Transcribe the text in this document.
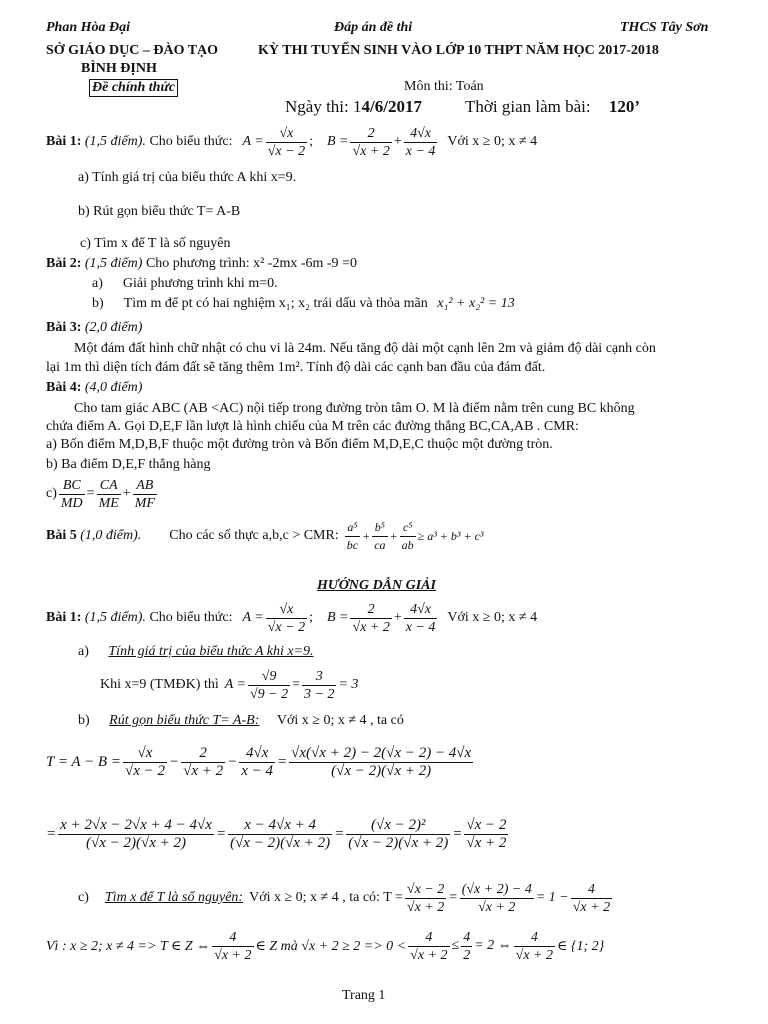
Phan Hòa Đại	Đáp án đề thi	THCS Tây Sơn
SỞ GIÁO DỤC – ĐÀO TẠO	KỲ THI TUYỂN SINH VÀO LỚP 10 THPT NĂM HỌC 2017-2018
BÌNH ĐỊNH
Đề chính thức	Môn thi: Toán
Ngày thi: 14/6/2017	Thời gian làm bài: 120’
Bài 1:
(1,5 điểm).
Cho biểu thức: $A = \frac{√x}{√x - 2}$ ; $B = \frac{2}{√x + 2} + \frac{4√x}{x - 4}$ Với x ≥ 0; x ≠ 4
a) Tính giá trị của biểu thức A khi x=9.
b) Rút gọn biểu thức T= A-B
c) Tìm x để T là số nguyên
Bài 2: (1,5 điểm) Cho phương trình: x² -2mx -6m -9 =0
a) Giải phương trình khi m=0.
b) Tìm m để pt có hai nghiệm x₁; x₂ trái dấu và thỏa mãn x₁² + x₂² = 13
Bài 3: (2,0 điểm)
Một đám đất hình chữ nhật có chu vi là 24m. Nếu tăng độ dài một cạnh lên 2m và giảm độ dài cạnh còn
lại 1m thì diện tích đám đất sẽ tăng thêm 1m². Tính độ dài các cạnh ban đầu của đám đất.
Bài 4: (4,0 điểm)
Cho tam giác ABC (AB <AC) nội tiếp trong đường tròn tâm O. M là điểm nằm trên cung BC không
chứa điểm A. Gọi D,E,F lần lượt là hình chiếu của M trên các đường thẳng BC,CA,AB . CMR:
a) Bốn điểm M,D,B,F thuộc một đường tròn và Bốn điểm M,D,E,C thuộc một đường tròn.
b) Ba điểm D,E,F thẳng hàng
$c) \frac{BC}{MD} = \frac{CA}{ME} + \frac{AB}{MF}$
Bài 5
(1,0 điểm). Cho các số thực a,b,c > CMR: $\frac{\text{a⁵}}{bc} + \frac{\text{b⁵}}{ca} + \frac{\text{c⁵}}{ab} \ge a^3 + b^3 + c^3$
HƯỚNG DẪN GIẢI
Bài 1:
(1,5 điểm).
Cho biểu thức: $A = \frac{√x}{√x - 2}$ ; $B = \frac{2}{√x + 2} + \frac{4√x}{x - 4}$ Với x ≥ 0; x ≠ 4
a) Tính giá trị của biểu thức A khi x=9.
Khi x=9 (TMĐK) thì $A = \frac{√9}{√9 - 2} = \frac{3}{3 - 2} = 3$
b) Rút gọn biểu thức T= A-B: Với x ≥ 0; x ≠ 4 , ta có
$T = A - B = \frac{√x}{√x - 2} - \frac{2}{√x + 2} - \frac{4√x}{x - 4} = \frac{√x(√x + 2) - 2(√x - 2) - 4√x}{(√x - 2)(√x + 2)}$
= $\frac{x + 2√x - 2√x + 4 - 4√x}{(√x - 2)(√x + 2)} = \frac{x - 4√x + 4}{(√x - 2)(√x + 2)} = \frac{\text{(√x − 2)²}}{(√x - 2)(√x + 2)} = \frac{√x - 2}{√x + 2}$
c) Tìm x để T là số nguyên: Với x ≥ 0; x ≠ 4 , ta có: $T = \frac{√x - 2}{√x + 2} = \frac{(√x + 2) - 4}{√x + 2} = 1 - \frac{4}{√x + 2}$
Vì : x ≥ 2; x ≠ 4 => T ∈ Z ⇔ $\frac{4}{√x + 2}$ ∈ Z mà $√x + 2 \ge 2 => 0 < \frac{4}{√x + 2} \le \frac{4}{2} = 2$ ⇔ $\frac{4}{√x + 2}$ ∈ {1; 2}
Trang 1
